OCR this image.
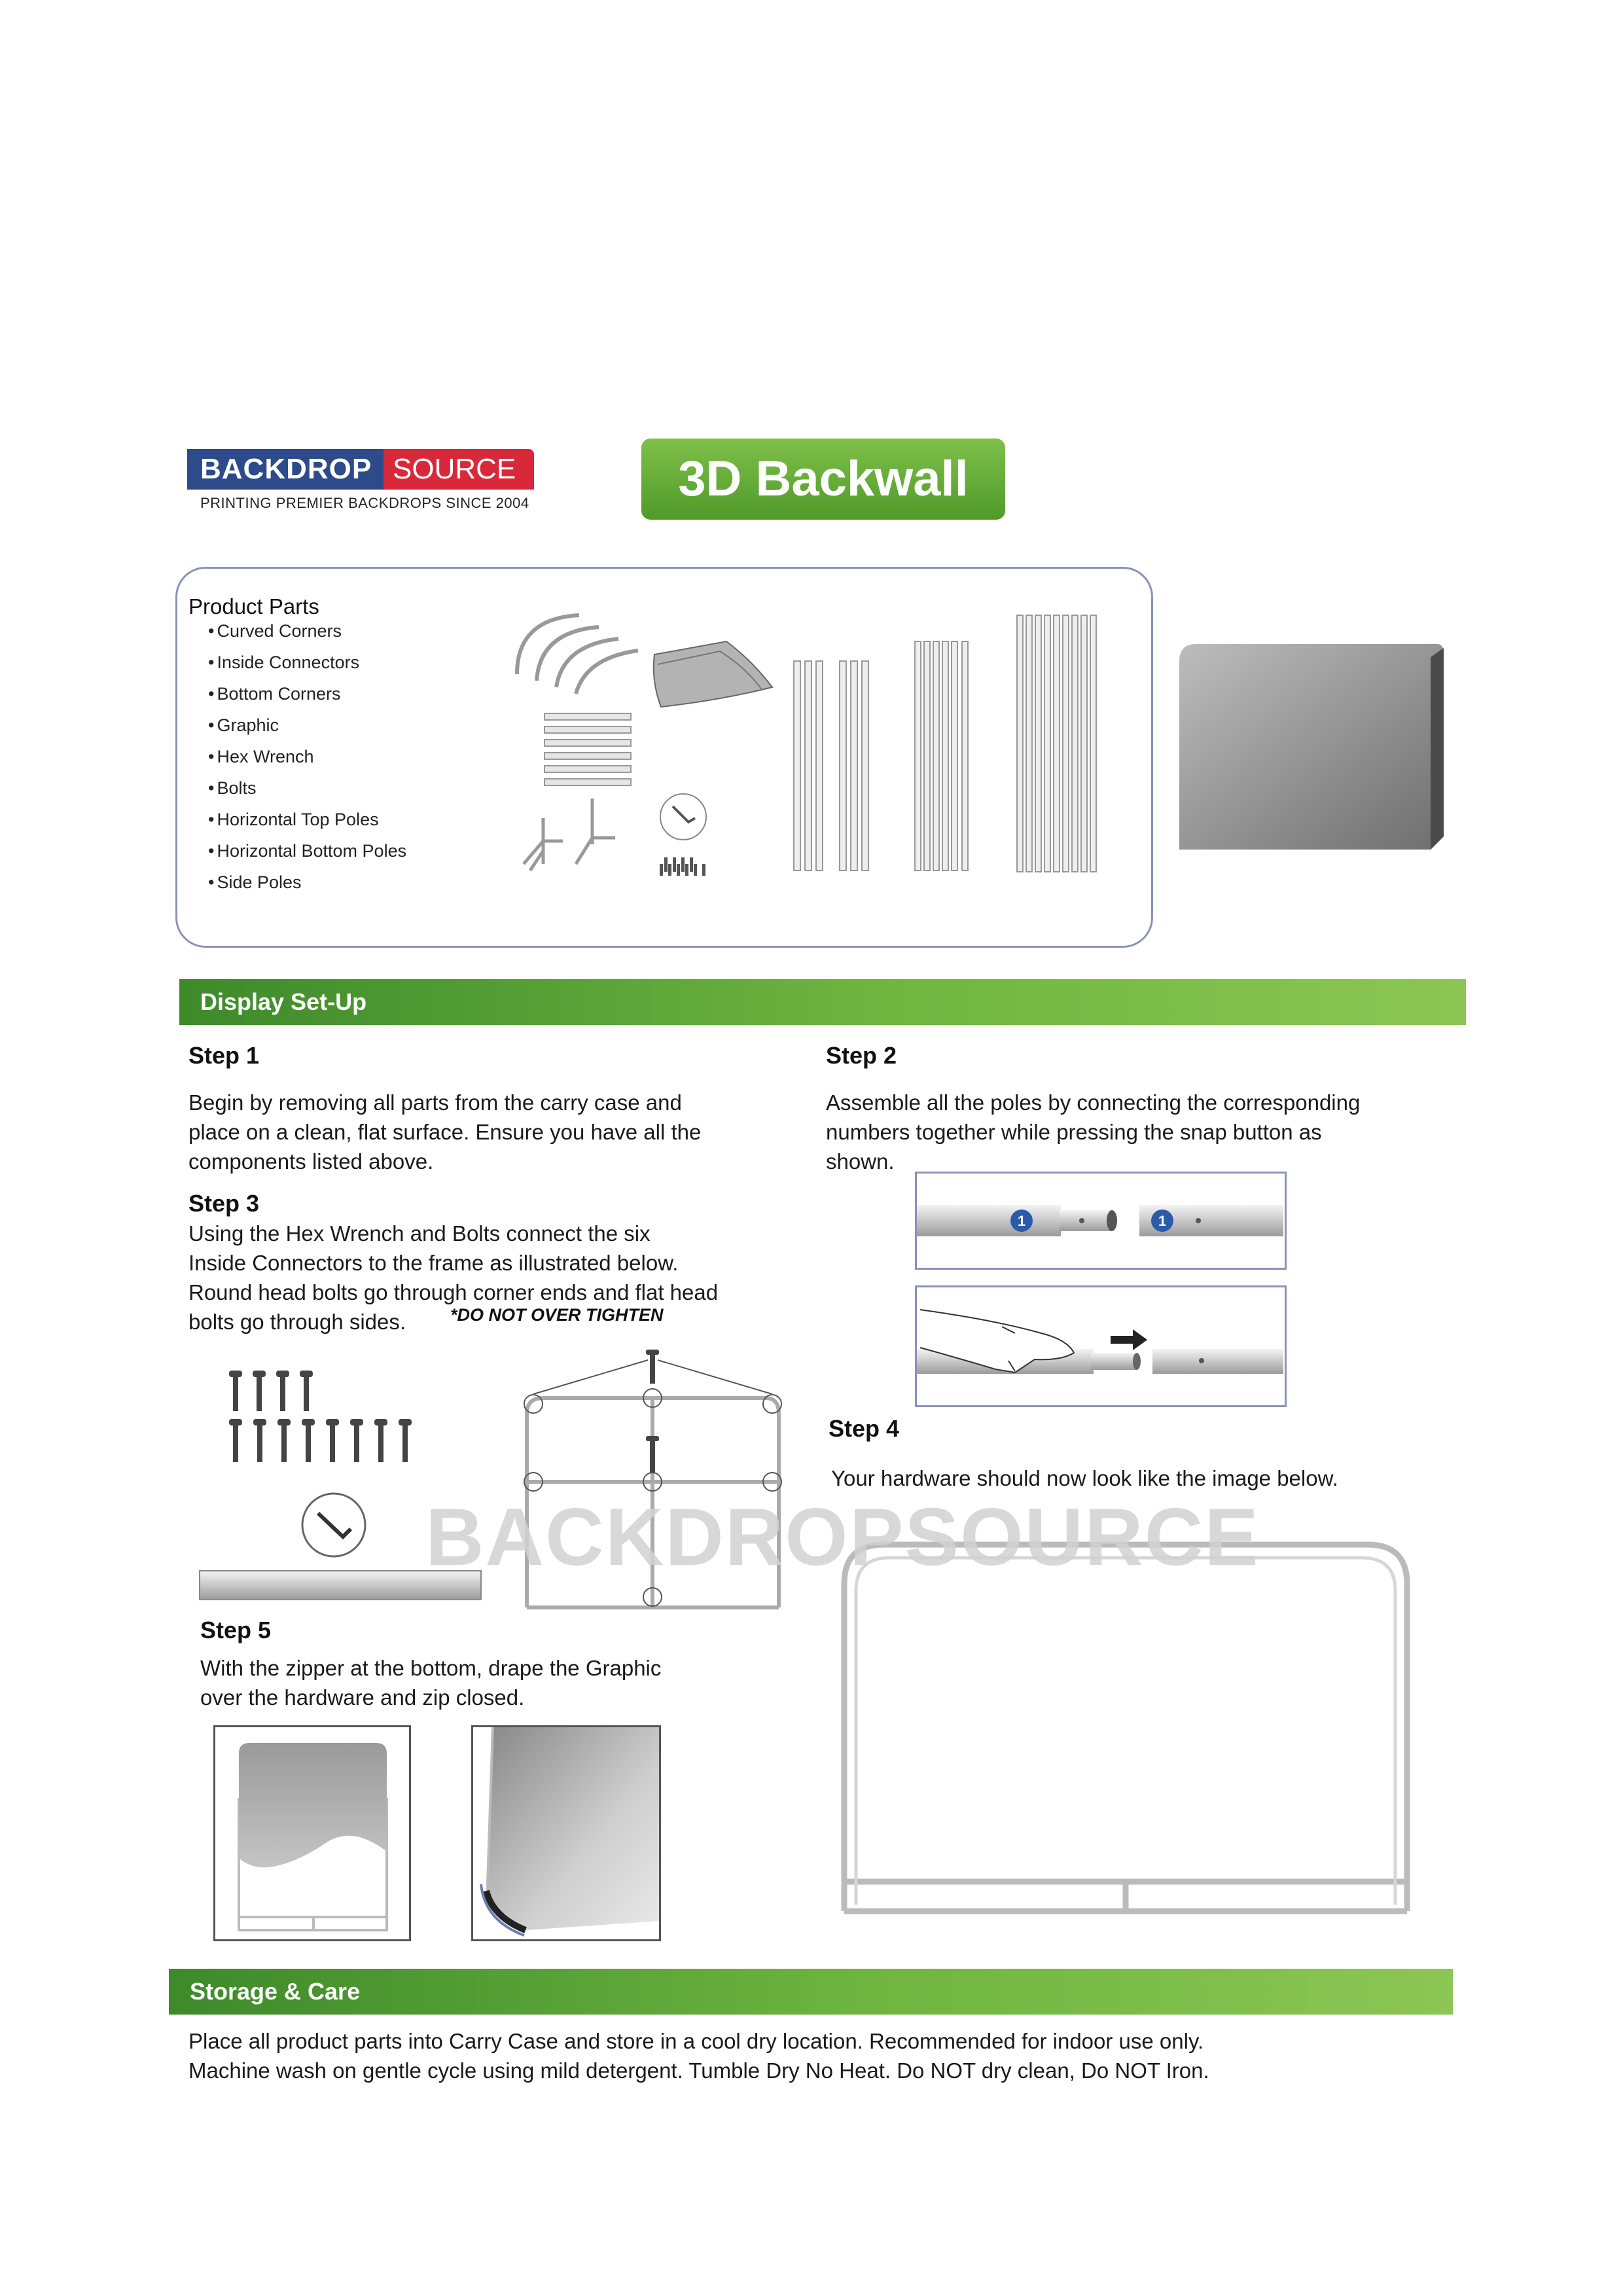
BACKDROP SOURCE
PRINTING PREMIER BACKDROPS SINCE 2004	3D Backwall
Product Parts
• Curved Corners
• Inside Connectors
• Bottom Corners
• Graphic
• Hex Wrench
• Bolts
• Horizontal Top Poles
• Horizontal Bottom Poles
• Side Poles
Display Set-Up
Step 1
Begin by removing all parts from the carry case and
place on a clean, flat surface. Ensure you have all the
components listed above.
Step 2
Assemble all the poles by connecting the corresponding
numbers together while pressing the snap button as
shown.
1	1
Step 3
Using the Hex Wrench and Bolts connect the six
Inside Connectors to the frame as illustrated below.
Round head bolts go through corner ends and flat head
bolts go through sides.	*DO NOT OVER TIGHTEN
Step 4
Your hardware should now look like the image below.
BACKDROPSOURCE
Step 5
With the zipper at the bottom, drape the Graphic
over the hardware and zip closed.
Storage & Care
Place all product parts into Carry Case and store in a cool dry location. Recommended for indoor use only.
Machine wash on gentle cycle using mild detergent. Tumble Dry No Heat. Do NOT dry clean, Do NOT Iron.
